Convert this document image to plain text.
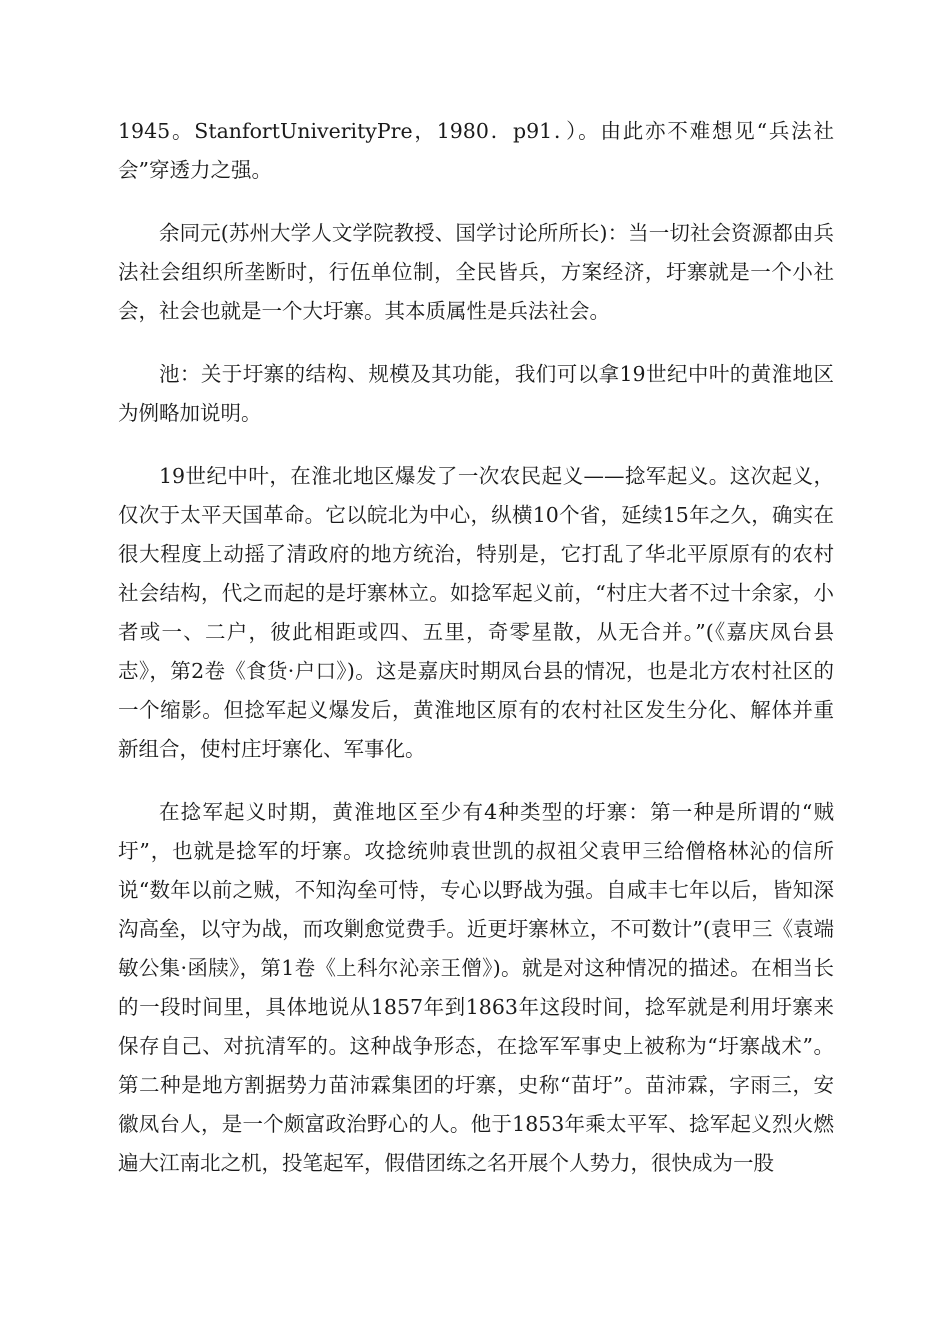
1945。StanfortUniverityPre，1980．p91．）。由此亦不难想见“兵法社会”穿透力之强。

余同元(苏州大学人文学院教授、国学讨论所所长)：当一切社会资源都由兵法社会组织所垄断时，行伍单位制，全民皆兵，方案经济，圩寨就是一个小社会，社会也就是一个大圩寨。其本质属性是兵法社会。

池：关于圩寨的结构、规模及其功能，我们可以拿19世纪中叶的黄淮地区为例略加说明。

19世纪中叶，在淮北地区爆发了一次农民起义——捻军起义。这次起义，仅次于太平天国革命。它以皖北为中心，纵横10个省，延续15年之久，确实在很大程度上动摇了清政府的地方统治，特别是，它打乱了华北平原原有的农村社会结构，代之而起的是圩寨林立。如捻军起义前，“村庄大者不过十余家，小者或一、二户，彼此相距或四、五里，奇零星散，从无合并。”(《嘉庆凤台县志》，第2卷《食货·户口》)。这是嘉庆时期凤台县的情况，也是北方农村社区的一个缩影。但捻军起义爆发后，黄淮地区原有的农村社区发生分化、解体并重新组合，使村庄圩寨化、军事化。

在捻军起义时期，黄淮地区至少有4种类型的圩寨：第一种是所谓的“贼圩”，也就是捻军的圩寨。攻捻统帅袁世凯的叔祖父袁甲三给僧格林沁的信所说“数年以前之贼，不知沟垒可恃，专心以野战为强。自咸丰七年以后，皆知深沟高垒，以守为战，而攻剿愈觉费手。近更圩寨林立，不可数计”(袁甲三《袁端敏公集·函牍》，第1卷《上科尔沁亲王僧》)。就是对这种情况的描述。在相当长的一段时间里，具体地说从1857年到1863年这段时间，捻军就是利用圩寨来保存自己、对抗清军的。这种战争形态，在捻军军事史上被称为“圩寨战术”。第二种是地方割据势力苗沛霖集团的圩寨，史称“苗圩”。苗沛霖，字雨三，安徽凤台人，是一个颇富政治野心的人。他于1853年乘太平军、捻军起义烈火燃遍大江南北之机，投笔起军，假借团练之名开展个人势力，很快成为一股
